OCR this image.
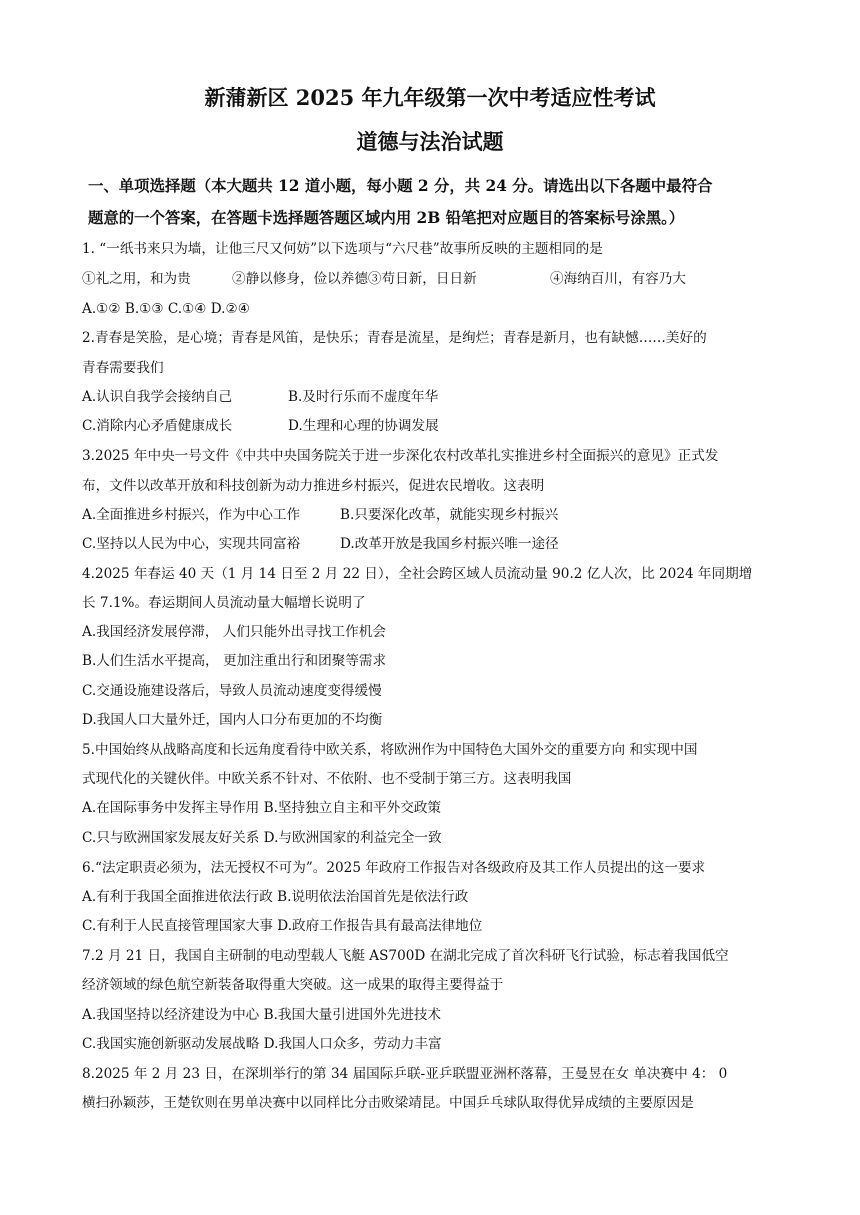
新蒲新区 2025 年九年级第一次中考适应性考试
道德与法治试题
一、单项选择题（本大题共 12 道小题，每小题 2 分，共 24 分。请选出以下各题中最符合
题意的一个答案，在答题卡选择题答题区域内用 2B 铅笔把对应题目的答案标号涂黑。）
1. “一纸书来只为墙，让他三尺又何妨”以下选项与“六尺巷”故事所反映的主题相同的是
①礼之用，和为贵	②静以修身，俭以养德③苟日新，日日新	④海纳百川，有容乃大
A.①② B.①③ C.①④ D.②④
2.青春是笑脸，是心境；青春是风笛，是快乐；青春是流星，是绚烂；青春是新月，也有缺憾……美好的
青春需要我们
A.认识自我学会接纳自己	B.及时行乐而不虚度年华
C.消除内心矛盾健康成长	D.生理和心理的协调发展
3.2025 年中央一号文件《中共中央国务院关于进一步深化农村改革扎实推进乡村全面振兴的意见》正式发
布，文件以改革开放和科技创新为动力推进乡村振兴，促进农民增收。这表明
A.全面推进乡村振兴，作为中心工作	B.只要深化改革，就能实现乡村振兴
C.坚持以人民为中心，实现共同富裕	D.改革开放是我国乡村振兴唯一途径
4.2025 年春运 40 天（1 月 14 日至 2 月 22 日），全社会跨区域人员流动量 90.2 亿人次，比 2024 年同期增
长 7.1%。春运期间人员流动量大幅增长说明了
A.我国经济发展停滞， 人们只能外出寻找工作机会
B.人们生活水平提高， 更加注重出行和团聚等需求
C.交通设施建设落后，导致人员流动速度变得缓慢
D.我国人口大量外迁，国内人口分布更加的不均衡
5.中国始终从战略高度和长远角度看待中欧关系，将欧洲作为中国特色大国外交的重要方向 和实现中国
式现代化的关键伙伴。中欧关系不针对、不依附、也不受制于第三方。这表明我国
A.在国际事务中发挥主导作用 B.坚持独立自主和平外交政策
C.只与欧洲国家发展友好关系 D.与欧洲国家的利益完全一致
6.“法定职责必须为，法无授权不可为”。2025 年政府工作报告对各级政府及其工作人员提出的这一要求
A.有利于我国全面推进依法行政 B.说明依法治国首先是依法行政
C.有利于人民直接管理国家大事 D.政府工作报告具有最高法律地位
7.2 月 21 日，我国自主研制的电动型载人飞艇 AS700D 在湖北完成了首次科研飞行试验，标志着我国低空
经济领域的绿色航空新装备取得重大突破。这一成果的取得主要得益于
A.我国坚持以经济建设为中心 B.我国大量引进国外先进技术
C.我国实施创新驱动发展战略 D.我国人口众多，劳动力丰富
8.2025 年 2 月 23 日，在深圳举行的第 34 届国际乒联-亚乒联盟亚洲杯落幕，王曼昱在女 单决赛中 4： 0
横扫孙颖莎，王楚钦则在男单决赛中以同样比分击败梁靖昆。中国乒乓球队取得优异成绩的主要原因是
